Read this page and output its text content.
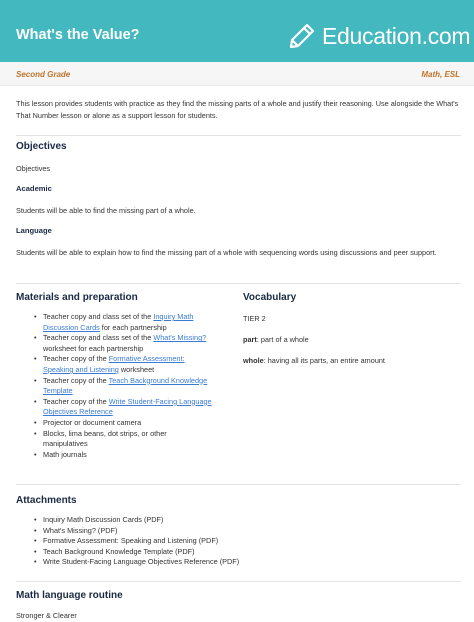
What's the Value?	Education.com
Second Grade	Math, ESL
This lesson provides students with practice as they find the missing parts of a whole and justify their reasoning. Use alongside the What's That Number lesson or alone as a support lesson for students.
Objectives
Objectives
Academic
Students will be able to find the missing part of a whole.
Language
Students will be able to explain how to find the missing part of a whole with sequencing words using discussions and peer support.
Materials and preparation
• Teacher copy and class set of the Inquiry Math Discussion Cards for each partnership
• Teacher copy and class set of the What's Missing? worksheet for each partnership
• Teacher copy of the Formative Assessment: Speaking and Listening worksheet
• Teacher copy of the Teach Background Knowledge Template
• Teacher copy of the Write Student-Facing Language Objectives Reference
• Projector or document camera
• Blocks, lima beans, dot strips, or other manipulatives
• Math journals
Vocabulary
TIER 2
part: part of a whole
whole: having all its parts, an entire amount
Attachments
• Inquiry Math Discussion Cards (PDF)
• What's Missing? (PDF)
• Formative Assessment: Speaking and Listening (PDF)
• Teach Background Knowledge Template (PDF)
• Write Student-Facing Language Objectives Reference (PDF)
Math language routine
Stronger & Clearer
